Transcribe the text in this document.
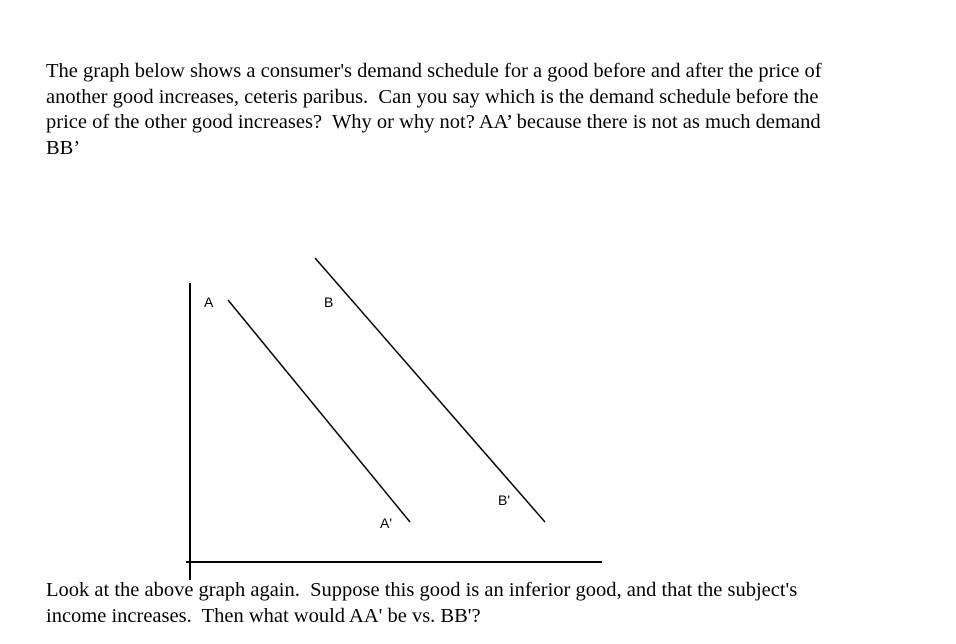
The graph below shows a consumer's demand schedule for a good before and after the price of
another good increases, ceteris paribus.  Can you say which is the demand schedule before the
price of the other good increases?  Why or why not? AA’ because there is not as much demand
BB’
A	B
A'
B'
Look at the above graph again.  Suppose this good is an inferior good, and that the subject's
income increases.  Then what would AA' be vs. BB'?
